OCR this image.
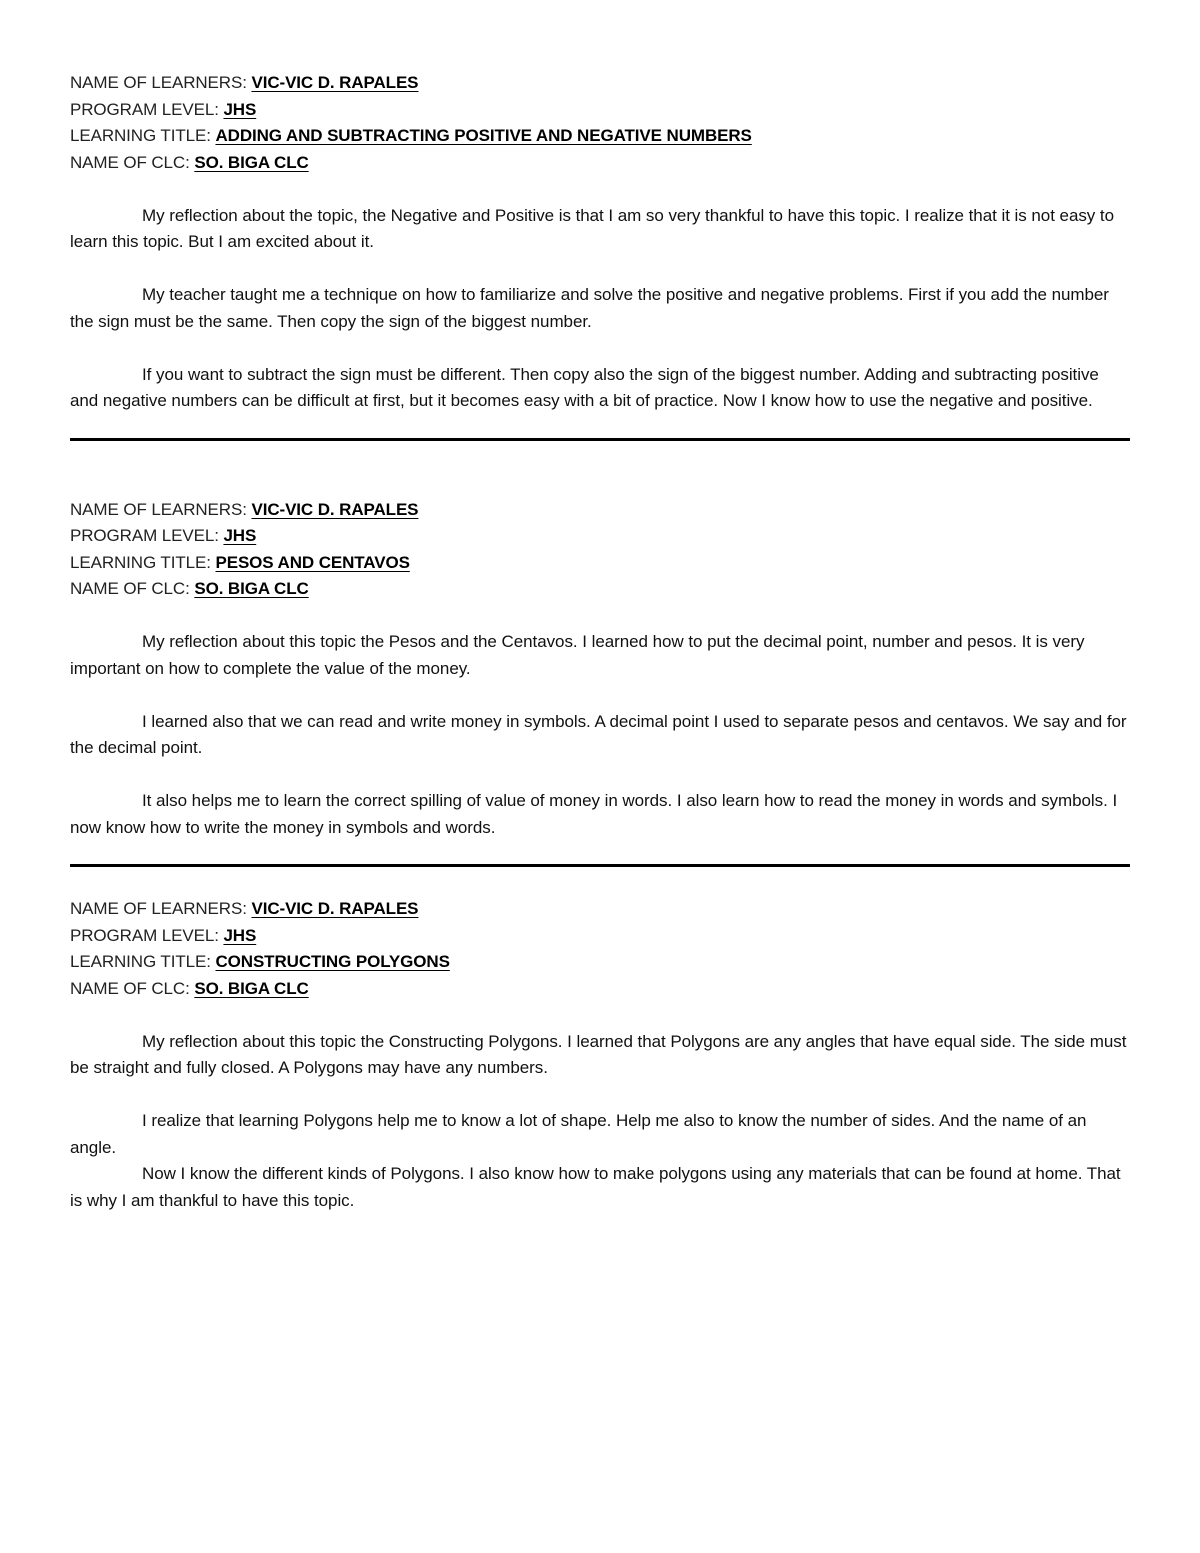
NAME OF LEARNERS: VIC-VIC D. RAPALES
PROGRAM LEVEL: JHS
LEARNING TITLE: ADDING AND SUBTRACTING POSITIVE AND NEGATIVE NUMBERS
NAME OF CLC: SO. BIGA CLC

My reflection about the topic, the Negative and Positive is that I am so very thankful to have this topic. I realize that it is not easy to learn this topic. But I am excited about it.

My teacher taught me a technique on how to familiarize and solve the positive and negative problems. First if you add the number the sign must be the same. Then copy the sign of the biggest number.

If you want to subtract the sign must be different. Then copy also the sign of the biggest number. Adding and subtracting positive and negative numbers can be difficult at first, but it becomes easy with a bit of practice. Now I know how to use the negative and positive.

NAME OF LEARNERS: VIC-VIC D. RAPALES
PROGRAM LEVEL: JHS
LEARNING TITLE: PESOS AND CENTAVOS
NAME OF CLC: SO. BIGA CLC

My reflection about this topic the Pesos and the Centavos. I learned how to put the decimal point, number and pesos. It is very important on how to complete the value of the money.

I learned also that we can read and write money in symbols. A decimal point I used to separate pesos and centavos. We say and for the decimal point.

It also helps me to learn the correct spilling of value of money in words. I also learn how to read the money in words and symbols. I now know how to write the money in symbols and words.

NAME OF LEARNERS: VIC-VIC D. RAPALES
PROGRAM LEVEL: JHS
LEARNING TITLE: CONSTRUCTING POLYGONS
NAME OF CLC: SO. BIGA CLC

My reflection about this topic the Constructing Polygons. I learned that Polygons are any angles that have equal side. The side must be straight and fully closed. A Polygons may have any numbers.

I realize that learning Polygons help me to know a lot of shape. Help me also to know the number of sides. And the name of an angle.

Now I know the different kinds of Polygons. I also know how to make polygons using any materials that can be found at home. That is why I am thankful to have this topic.
